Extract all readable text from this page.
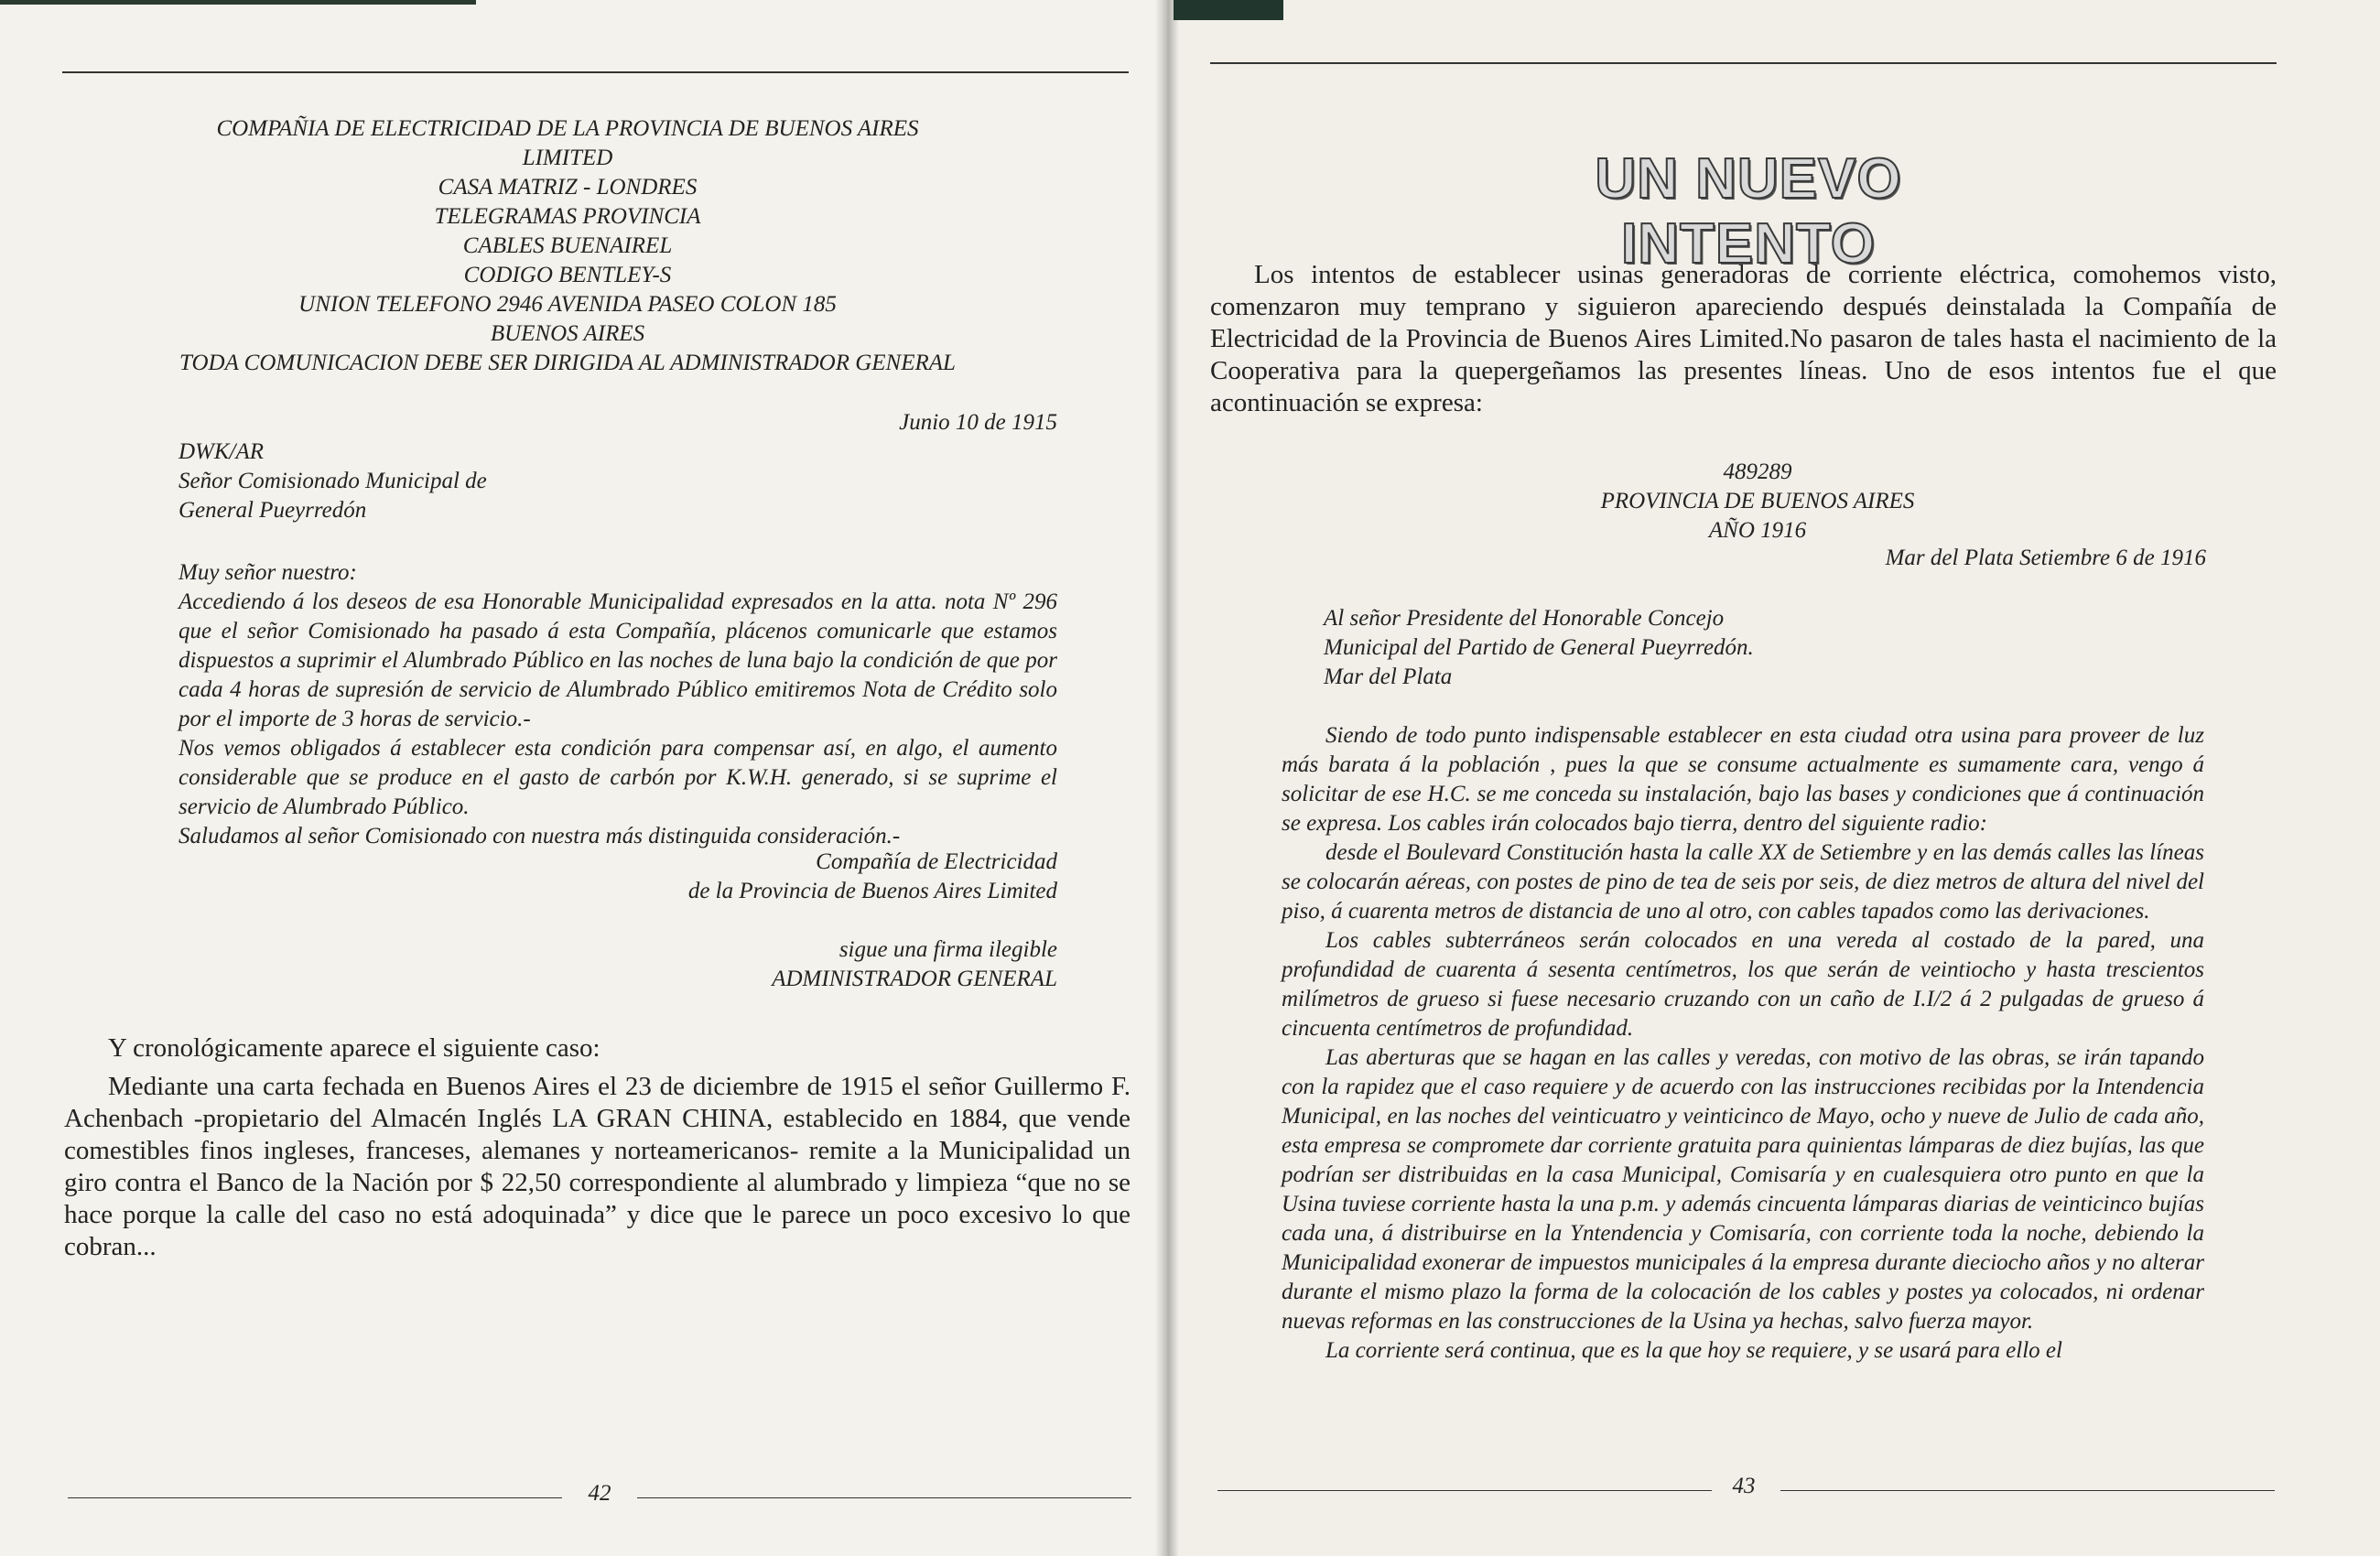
COMPAÑIA DE ELECTRICIDAD DE LA PROVINCIA DE BUENOS AIRES
LIMITED
CASA MATRIZ - LONDRES
TELEGRAMAS PROVINCIA
CABLES BUENAIREL
CODIGO BENTLEY-S
UNION TELEFONO 2946 AVENIDA PASEO COLON 185
BUENOS AIRES
TODA COMUNICACION DEBE SER DIRIGIDA AL ADMINISTRADOR GENERAL
Junio 10 de 1915
DWK/AR
Señor Comisionado Municipal de
General Pueyrredón
Muy señor nuestro:

Accediendo á los deseos de esa Honorable Municipalidad expresados en la atta. nota Nº 296 que el señor Comisionado ha pasado á esta Compañía, plácenos comunicarle que estamos dispuestos a suprimir el Alumbrado Público en las noches de luna bajo la condición de que por cada 4 horas de supresión de servicio de Alumbrado Público emitiremos Nota de Crédito solo por el importe de 3 horas de servicio.-

Nos vemos obligados á establecer esta condición para compensar así, en algo, el aumento considerable que se produce en el gasto de carbón por K.W.H. generado, si se suprime el servicio de Alumbrado Público.

Saludamos al señor Comisionado con nuestra más distinguida consideración.-

Compañía de Electricidad
de la Provincia de Buenos Aires Limited
sigue una firma ilegible
ADMINISTRADOR GENERAL
Y cronológicamente aparece el siguiente caso:
Mediante una carta fechada en Buenos Aires el 23 de diciembre de 1915 el señor Guillermo F. Achenbach -propietario del Almacén Inglés LA GRAN CHINA, establecido en 1884, que vende comestibles finos ingleses, franceses, alemanes y norteamericanos- remite a la Municipalidad un giro contra el Banco de la Nación por $ 22,50 correspondiente al alumbrado y limpieza “que no se hace porque la calle del caso no está adoquinada” y dice que le parece un poco excesivo lo que cobran...
42
UN NUEVO INTENTO
Los intentos de establecer usinas generadoras de corriente eléctrica, comohemos visto, comenzaron muy temprano y siguieron apareciendo después deinstalada la Compañía de Electricidad de la Provincia de Buenos Aires Limited.No pasaron de tales hasta el nacimiento de la Cooperativa para la quepergeñamos las presentes líneas. Uno de esos intentos fue el que acontinuación se expresa:
489289
PROVINCIA DE BUENOS AIRES
AÑO 1916
Mar del Plata Setiembre 6 de 1916
Al señor Presidente del Honorable Concejo
Municipal del Partido de General Pueyrredón.
Mar del Plata

Siendo de todo punto indispensable establecer en esta ciudad otra usina para proveer de luz más barata á la población , pues la que se consume actualmente es sumamente cara, vengo á solicitar de ese H.C. se me conceda su instalación, bajo las bases y condiciones que á continuación se expresa. Los cables irán colocados bajo tierra, dentro del siguiente radio:

desde el Boulevard Constitución hasta la calle XX de Setiembre y en las demás calles las líneas se colocarán aéreas, con postes de pino de tea de seis por seis, de diez metros de altura del nivel del piso, á cuarenta metros de distancia de uno al otro, con cables tapados como las derivaciones.

Los cables subterráneos serán colocados en una vereda al costado de la pared, una profundidad de cuarenta á sesenta centímetros, los que serán de veintiocho y hasta trescientos milímetros de grueso si fuese necesario cruzando con un caño de I.I/2 á 2 pulgadas de grueso á cincuenta centímetros de profundidad.

Las aberturas que se hagan en las calles y veredas, con motivo de las obras, se irán tapando con la rapidez que el caso requiere y de acuerdo con las instrucciones recibidas por la Intendencia Municipal, en las noches del veinticuatro y veinticinco de Mayo, ocho y nueve de Julio de cada año, esta empresa se compromete dar corriente gratuita para quinientas lámparas de diez bujías, las que podrían ser distribuidas en la casa Municipal, Comisaría y en cualesquiera otro punto en que la Usina tuviese corriente hasta la una p.m. y además cincuenta lámparas diarias de veinticinco bujías cada una, á distribuirse en la Yntendencia y Comisaría, con corriente toda la noche, debiendo la Municipalidad exonerar de impuestos municipales á la empresa durante dieciocho años y no alterar durante el mismo plazo la forma de la colocación de los cables y postes ya colocados, ni ordenar nuevas reformas en las construcciones de la Usina ya hechas, salvo fuerza mayor.

La corriente será continua, que es la que hoy se requiere, y se usará para ello el

43
